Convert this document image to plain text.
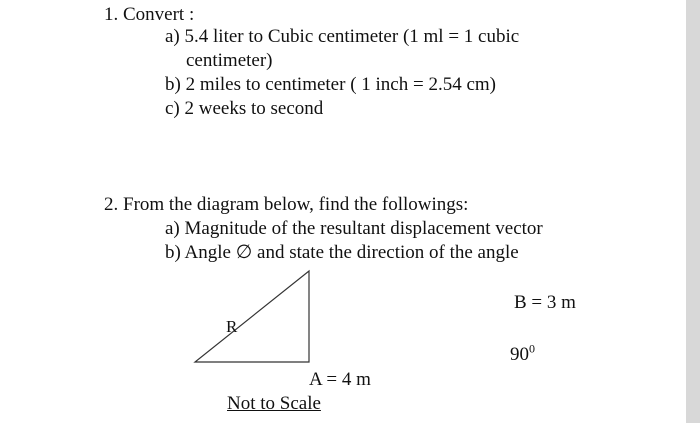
1. Convert :
a) 5.4 liter to Cubic centimeter (1 ml = 1 cubic
centimeter)
b) 2 miles to centimeter ( 1 inch = 2.54 cm)
c) 2 weeks to second
2. From the diagram below, find the followings:
a) Magnitude of the resultant displacement vector
b) Angle ∅ and state the direction of the angle
R
B = 3 m
$90^0$
A = 4 m
Not to Scale
